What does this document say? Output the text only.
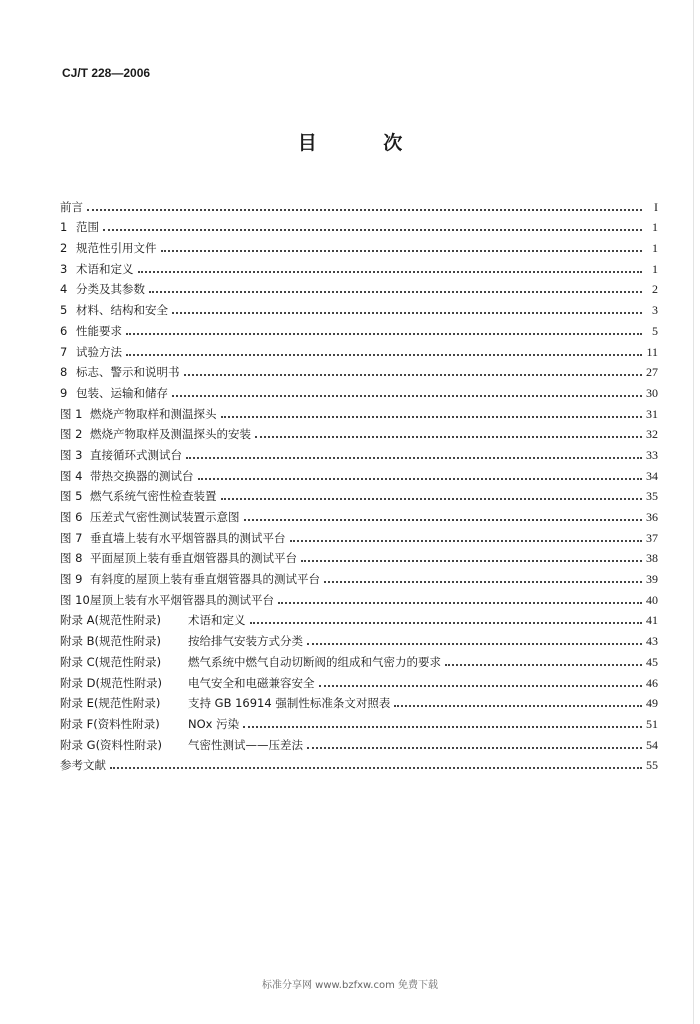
CJ/T 228—2006
目 次
前言	I
1 范围	1
2 规范性引用文件	1
3 术语和定义	1
4 分类及其参数	2
5 材料、结构和安全	3
6 性能要求	5
7 试验方法	11
8 标志、警示和说明书	27
9 包装、运输和储存	30
图 1 燃烧产物取样和测温探头	31
图 2 燃烧产物取样及测温探头的安装	32
图 3 直接循环式测试台	33
图 4 带热交换器的测试台	34
图 5 燃气系统气密性检查装置	35
图 6 压差式气密性测试装置示意图	36
图 7 垂直墙上装有水平烟管器具的测试平台	37
图 8 平面屋顶上装有垂直烟管器具的测试平台	38
图 9 有斜度的屋顶上装有垂直烟管器具的测试平台	39
图 10 屋顶上装有水平烟管器具的测试平台	40
附录 A(规范性附录)	术语和定义	41
附录 B(规范性附录)	按给排气安装方式分类	43
附录 C(规范性附录)	燃气系统中燃气自动切断阀的组成和气密力的要求	45
附录 D(规范性附录)	电气安全和电磁兼容安全	46
附录 E(规范性附录)	支持 GB 16914 强制性标准条文对照表	49
附录 F(资料性附录)	NOx 污染	51
附录 G(资料性附录)	气密性测试——压差法	54
参考文献	55
标准分享网 www.bzfxw.com 免费下载
